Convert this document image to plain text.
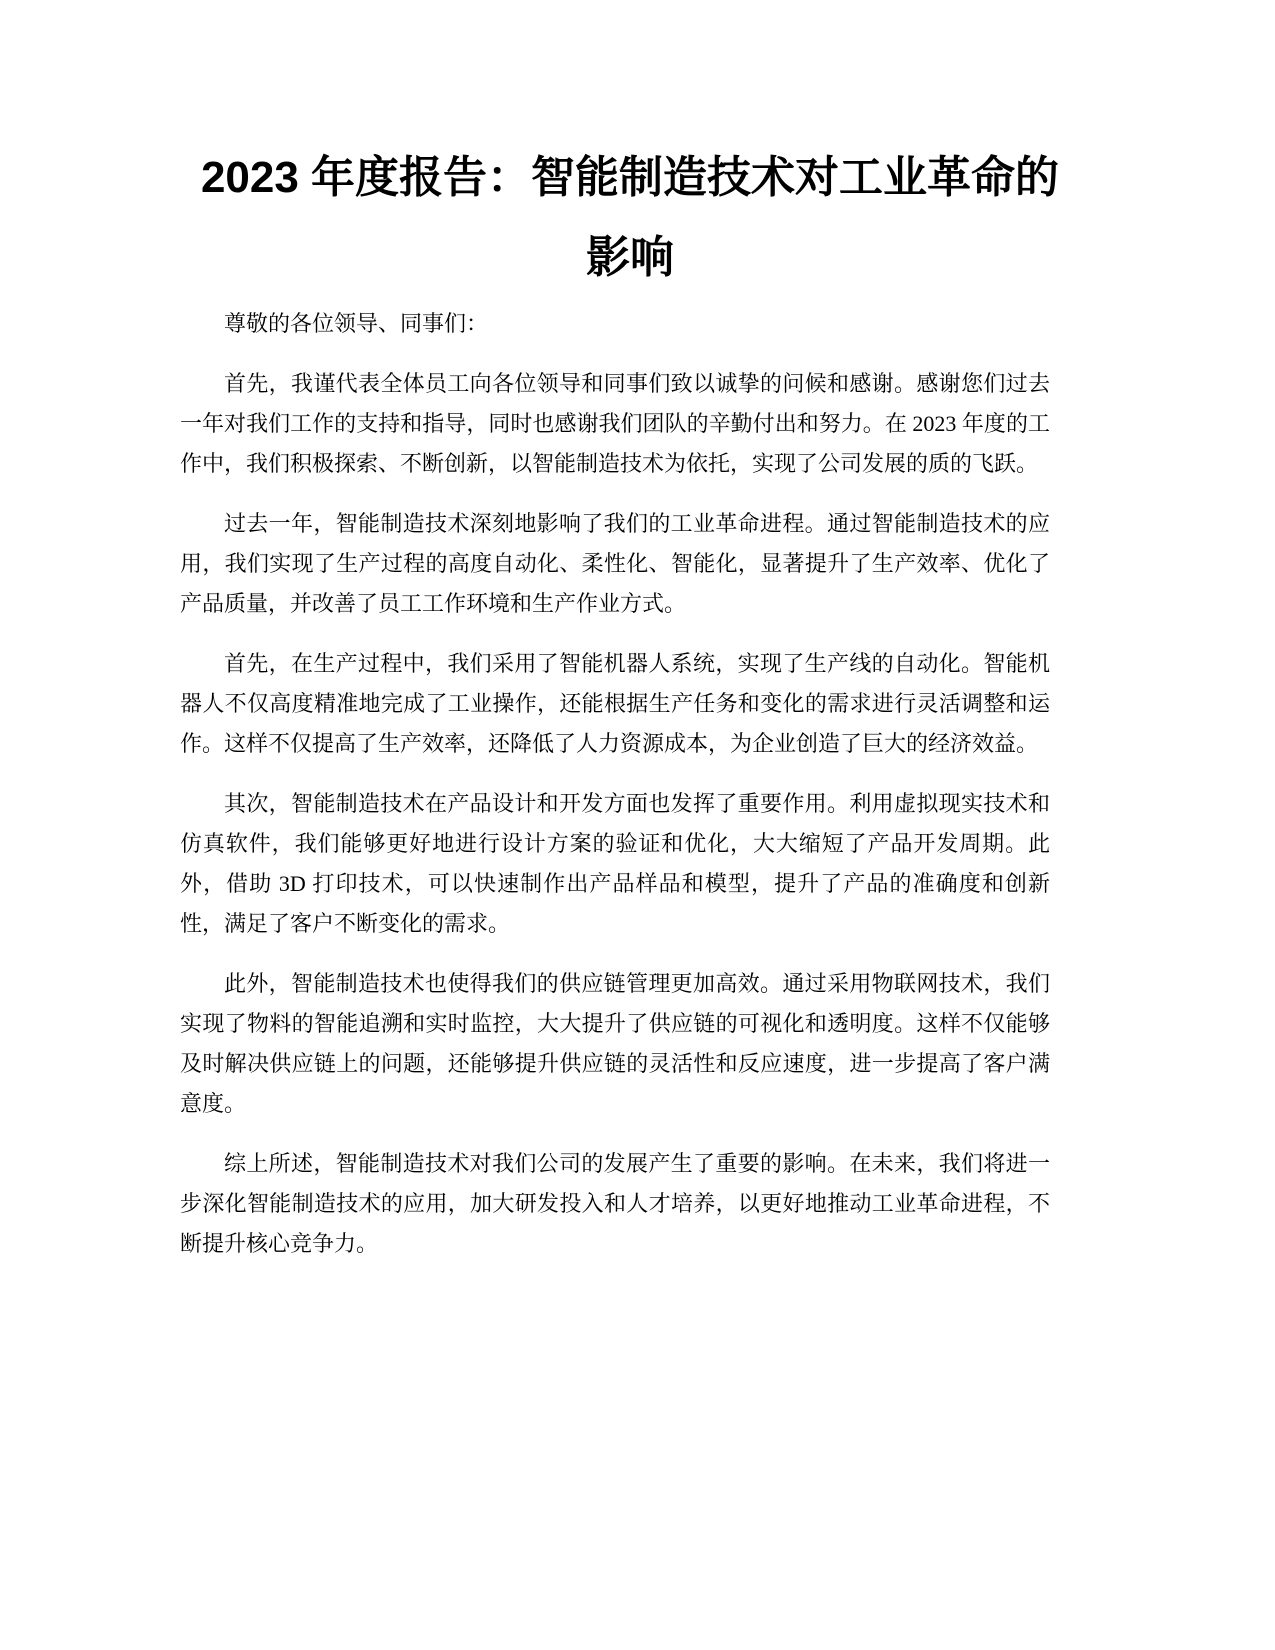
2023 年度报告：智能制造技术对工业革命的
影响

尊敬的各位领导、同事们：

首先，我谨代表全体员工向各位领导和同事们致以诚挚的问候和感谢。感谢您们过去一年对我们工作的支持和指导，同时也感谢我们团队的辛勤付出和努力。在 2023 年度的工作中，我们积极探索、不断创新，以智能制造技术为依托，实现了公司发展的质的飞跃。

过去一年，智能制造技术深刻地影响了我们的工业革命进程。通过智能制造技术的应用，我们实现了生产过程的高度自动化、柔性化、智能化，显著提升了生产效率、优化了产品质量，并改善了员工工作环境和生产作业方式。

首先，在生产过程中，我们采用了智能机器人系统，实现了生产线的自动化。智能机器人不仅高度精准地完成了工业操作，还能根据生产任务和变化的需求进行灵活调整和运作。这样不仅提高了生产效率，还降低了人力资源成本，为企业创造了巨大的经济效益。

其次，智能制造技术在产品设计和开发方面也发挥了重要作用。利用虚拟现实技术和仿真软件，我们能够更好地进行设计方案的验证和优化，大大缩短了产品开发周期。此外，借助 3D 打印技术，可以快速制作出产品样品和模型，提升了产品的准确度和创新性，满足了客户不断变化的需求。

此外，智能制造技术也使得我们的供应链管理更加高效。通过采用物联网技术，我们实现了物料的智能追溯和实时监控，大大提升了供应链的可视化和透明度。这样不仅能够及时解决供应链上的问题，还能够提升供应链的灵活性和反应速度，进一步提高了客户满意度。

综上所述，智能制造技术对我们公司的发展产生了重要的影响。在未来，我们将进一步深化智能制造技术的应用，加大研发投入和人才培养，以更好地推动工业革命进程，不断提升核心竞争力。
